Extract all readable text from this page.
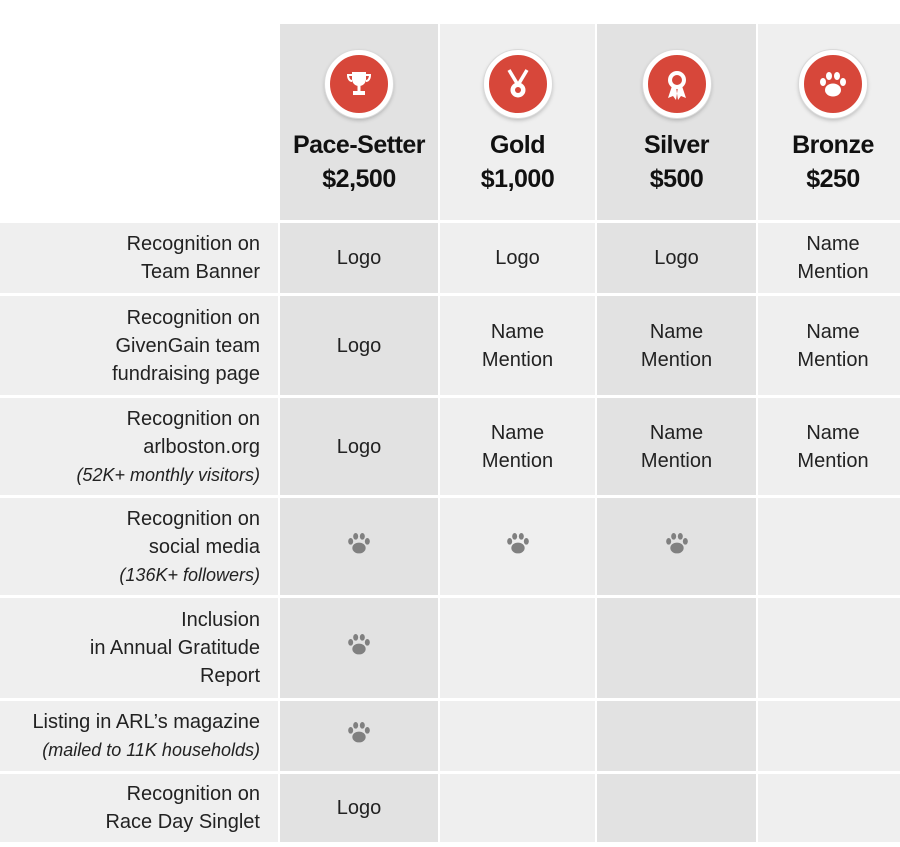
Pace-Setter
$2,500
Gold
$1,000
Silver
$500
Bronze
$250
Recognition on
Team Banner
Logo	Logo	Logo
Name
Mention
Recognition on
GivenGain team
fundraising page
Logo
Name
Mention
Name
Mention
Name
Mention
Recognition on
arlboston.org
(52K+ monthly visitors)
Logo
Name
Mention
Name
Mention
Name
Mention
Recognition on
social media
(136K+ followers)
Inclusion
in Annual Gratitude
Report
Listing in ARL’s magazine
(mailed to 11K households)
Recognition on
Race Day Singlet
Logo
